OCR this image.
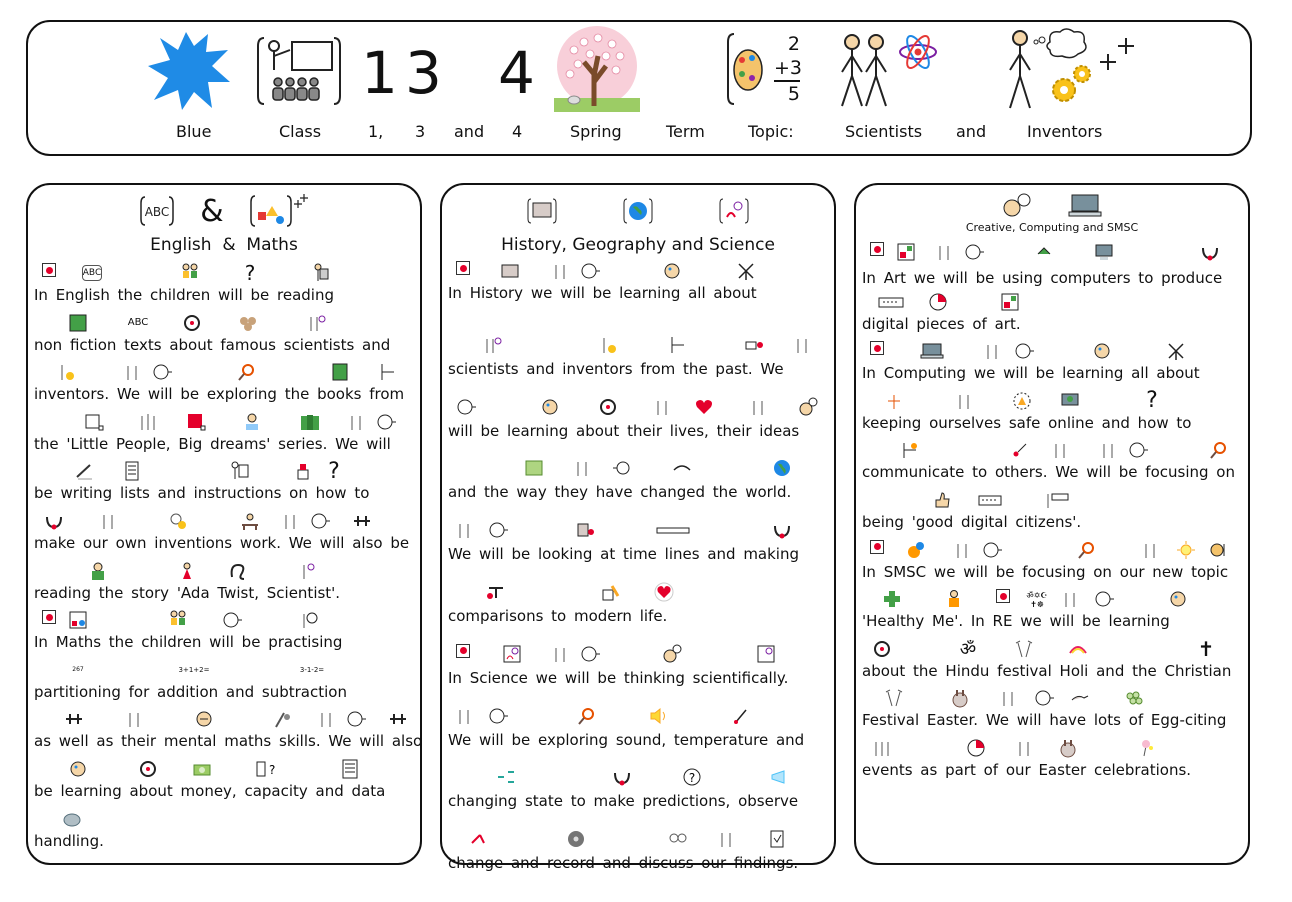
1 3 4	2
+3
5
Blue	Class	1, 3 and 4	Spring	Term	Topic:	Scientists and	Inventors
ABC &
English  &  Maths
ABC	?
In English the children will be reading
ABC
non fiction texts about famous scientists and
inventors. We will be exploring the books from
the 'Little People, Big dreams' series. We will
?
be writing lists and instructions on how to
make our own inventions work. We will also be
reading the story 'Ada Twist, Scientist'.
In Maths the children will be practising
267	3+1+2=	3-1-2=
partitioning for addition and subtraction
as well as their mental maths skills. We will also
?
be learning about money, capacity and data
handling.
History, Geography and Science
In History we will be learning all about
scientists and inventors from the past. We
will be learning about their lives, their ideas
and the way they have changed the world.
We will be looking at time lines and making
comparisons to modern life.
In Science we will be thinking scientifically.
We will be exploring sound, temperature and
?
changing state to make predictions, observe
change and record and discuss our findings.
Creative, Computing and SMSC
In Art we will be using computers to produce
digital pieces of art.
In Computing we will be learning all about
?
keeping ourselves safe online and how to
communicate to others. We will be focusing on
being 'good digital citizens'.
In SMSC we will be focusing on our new topic
ॐ✡☪
✝☸
'Healthy Me'. In RE we will be learning
ॐ	✝
about the Hindu festival Holi and the Christian
Festival Easter. We will have lots of Egg-citing
events as part of our Easter celebrations.
